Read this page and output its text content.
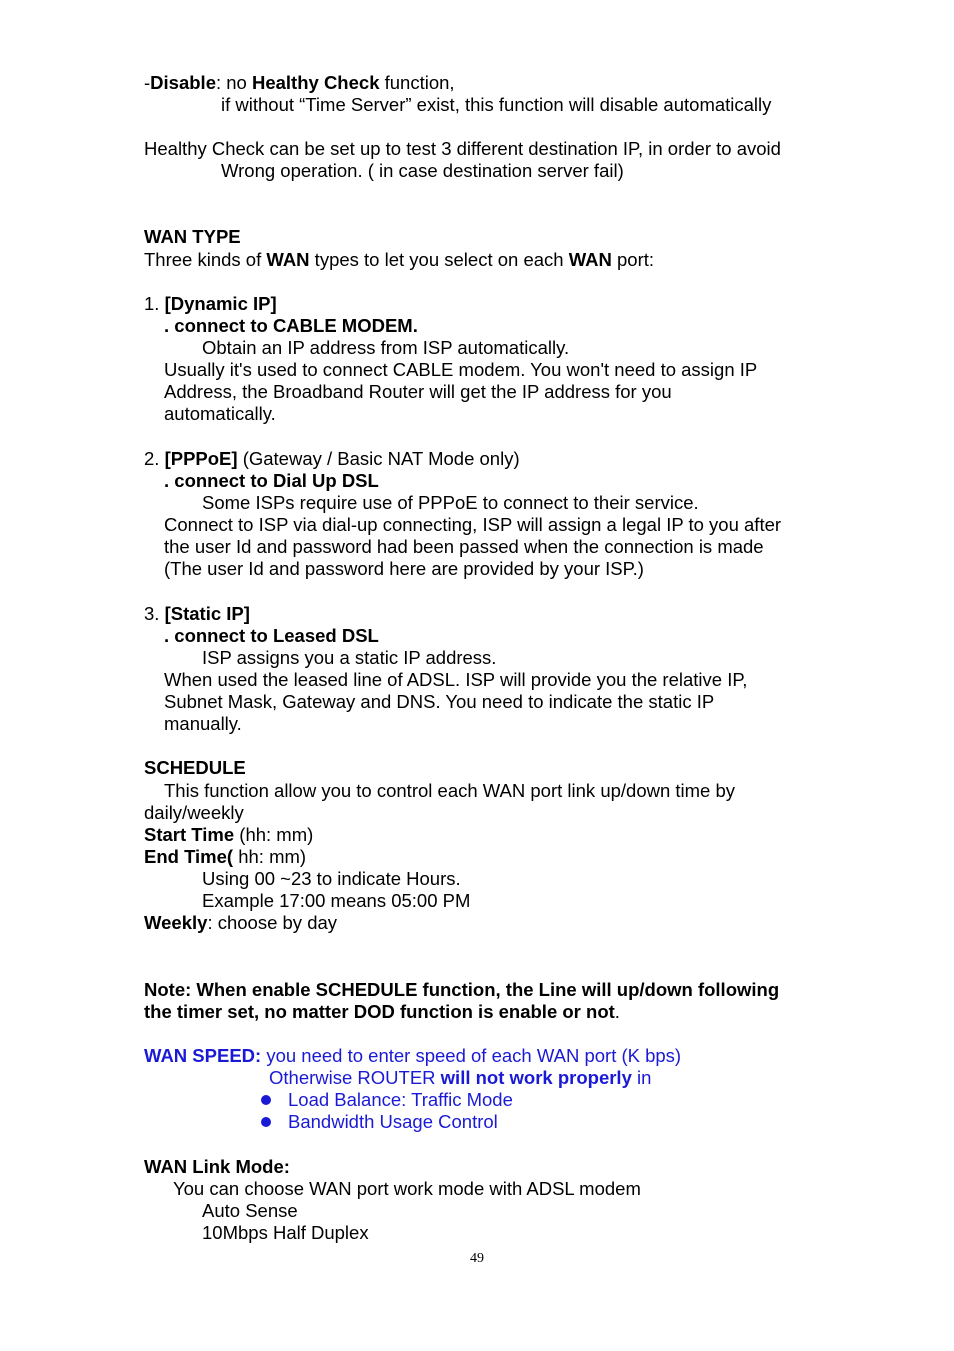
-Disable: no Healthy Check function,
if without “Time Server” exist, this function will disable automatically
Healthy Check can be set up to test 3 different destination IP, in order to avoid
Wrong operation. ( in case destination server fail)
WAN TYPE
Three kinds of WAN types to let you select on each WAN port:
1. [Dynamic IP]
. connect to CABLE MODEM.
Obtain an IP address from ISP automatically.
Usually it's used to connect CABLE modem. You won't need to assign IP
Address, the Broadband Router will get the IP address for you
automatically.
2. [PPPoE] (Gateway / Basic NAT Mode only)
. connect to Dial Up DSL
Some ISPs require use of PPPoE to connect to their service.
Connect to ISP via dial-up connecting, ISP will assign a legal IP to you after
the user Id and password had been passed when the connection is made
(The user Id and password here are provided by your ISP.)
3. [Static IP]
. connect to Leased DSL
ISP assigns you a static IP address.
When used the leased line of ADSL. ISP will provide you the relative IP,
Subnet Mask, Gateway and DNS. You need to indicate the static IP
manually.
SCHEDULE
This function allow you to control each WAN port link up/down time by
daily/weekly
Start Time (hh: mm)
End Time( hh: mm)
Using 00 ~23 to indicate Hours.
Example 17:00 means 05:00 PM
Weekly: choose by day
Note: When enable SCHEDULE function, the Line will up/down following
the timer set, no matter DOD function is enable or not.
WAN SPEED: you need to enter speed of each WAN port (K bps)
Otherwise ROUTER will not work properly in
Load Balance: Traffic Mode
Bandwidth Usage Control
WAN Link Mode:
You can choose WAN port work mode with ADSL modem
Auto Sense
10Mbps Half Duplex
49
